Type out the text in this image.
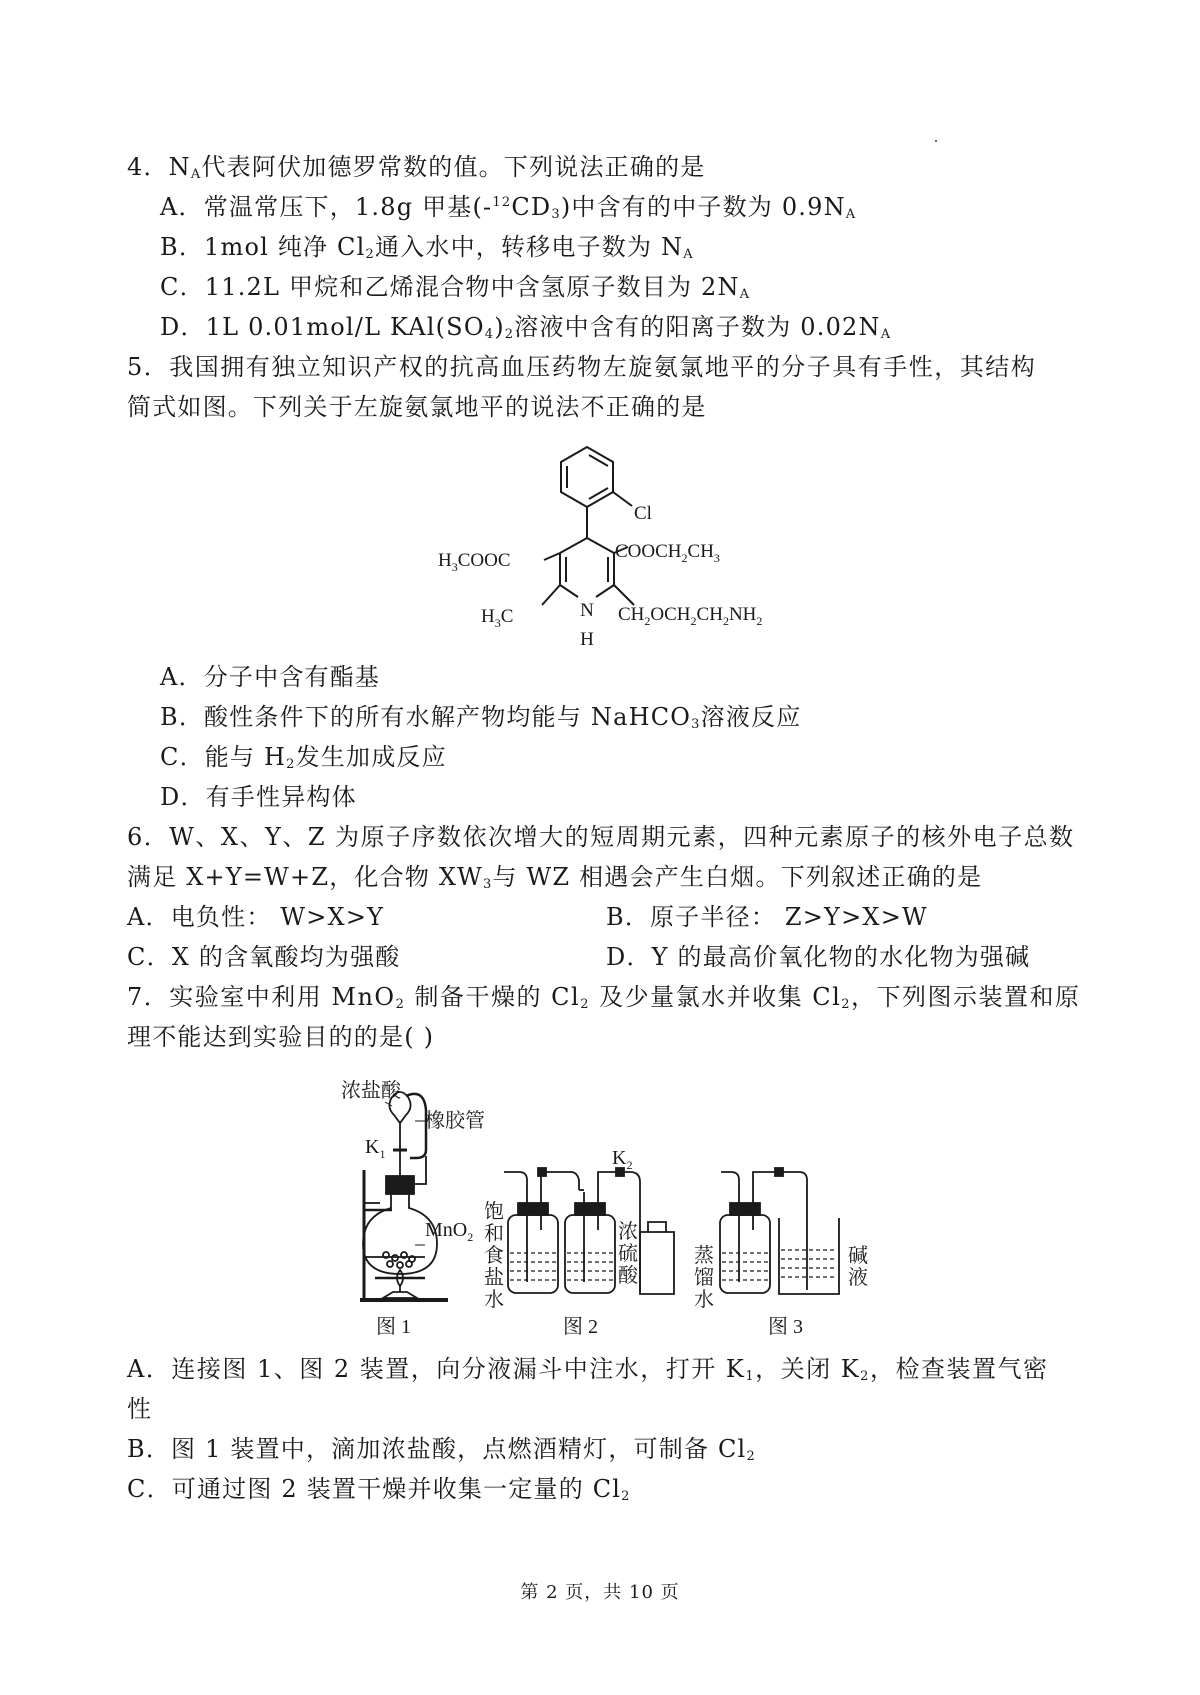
4．$N_A$代表阿伏加德罗常数的值。下列说法正确的是
A．常温常压下，1.8g 甲基$(-^{12}CD_3)$中含有的中子数为 $0.9N_A$
B．1mol 纯净 $Cl_2$通入水中，转移电子数为 $N_A$
C．11.2L 甲烷和乙烯混合物中含氢原子数目为 $2N_A$
D．1L 0.01mol/L $KAl(SO_4)_2$溶液中含有的阳离子数为 $0.02N_A$
5．我国拥有独立知识产权的抗高血压药物左旋氨氯地平的分子具有手性，其结构
简式如图。下列关于左旋氨氯地平的说法不正确的是
Cl
$H_3COOC$	$COOCH_2CH_3$
$H_3C$	N
H
$CH_2OCH_2CH_2NH_2$
A．分子中含有酯基
B．酸性条件下的所有水解产物均能与 NaHCO$_3$溶液反应
C．能与 $H_2$发生加成反应
D．有手性异构体
6．W、X、Y、Z 为原子序数依次增大的短周期元素，四种元素原子的核外电子总数
满足 X+Y=W+Z，化合物 $XW_3$与 WZ 相遇会产生白烟。下列叙述正确的是
A．电负性： W>X>Y	B．原子半径： Z>Y>X>W
C．X 的含氧酸均为强酸	D．Y 的最高价氧化物的水化物为强碱
7．实验室中利用 MnO$_2$ 制备干燥的 $Cl_2$ 及少量氯水并收集 $Cl_2$，下列图示装置和原
理不能达到实验目的的是( )
浓盐酸
橡胶管
$K_1$
MnO$_2$
$K_2$
饱
和
食
盐
水
浓
硫
酸
蒸
馏
水
碱
液
图 1	图 2	图 3
A．连接图 1、图 2 装置，向分液漏斗中注水，打开 $K_1$，关闭 $K_2$，检查装置气密
性
B．图 1 装置中，滴加浓盐酸，点燃酒精灯，可制备 $Cl_2$
C．可通过图 2 装置干燥并收集一定量的 $Cl_2$
第 2 页，共 10 页
